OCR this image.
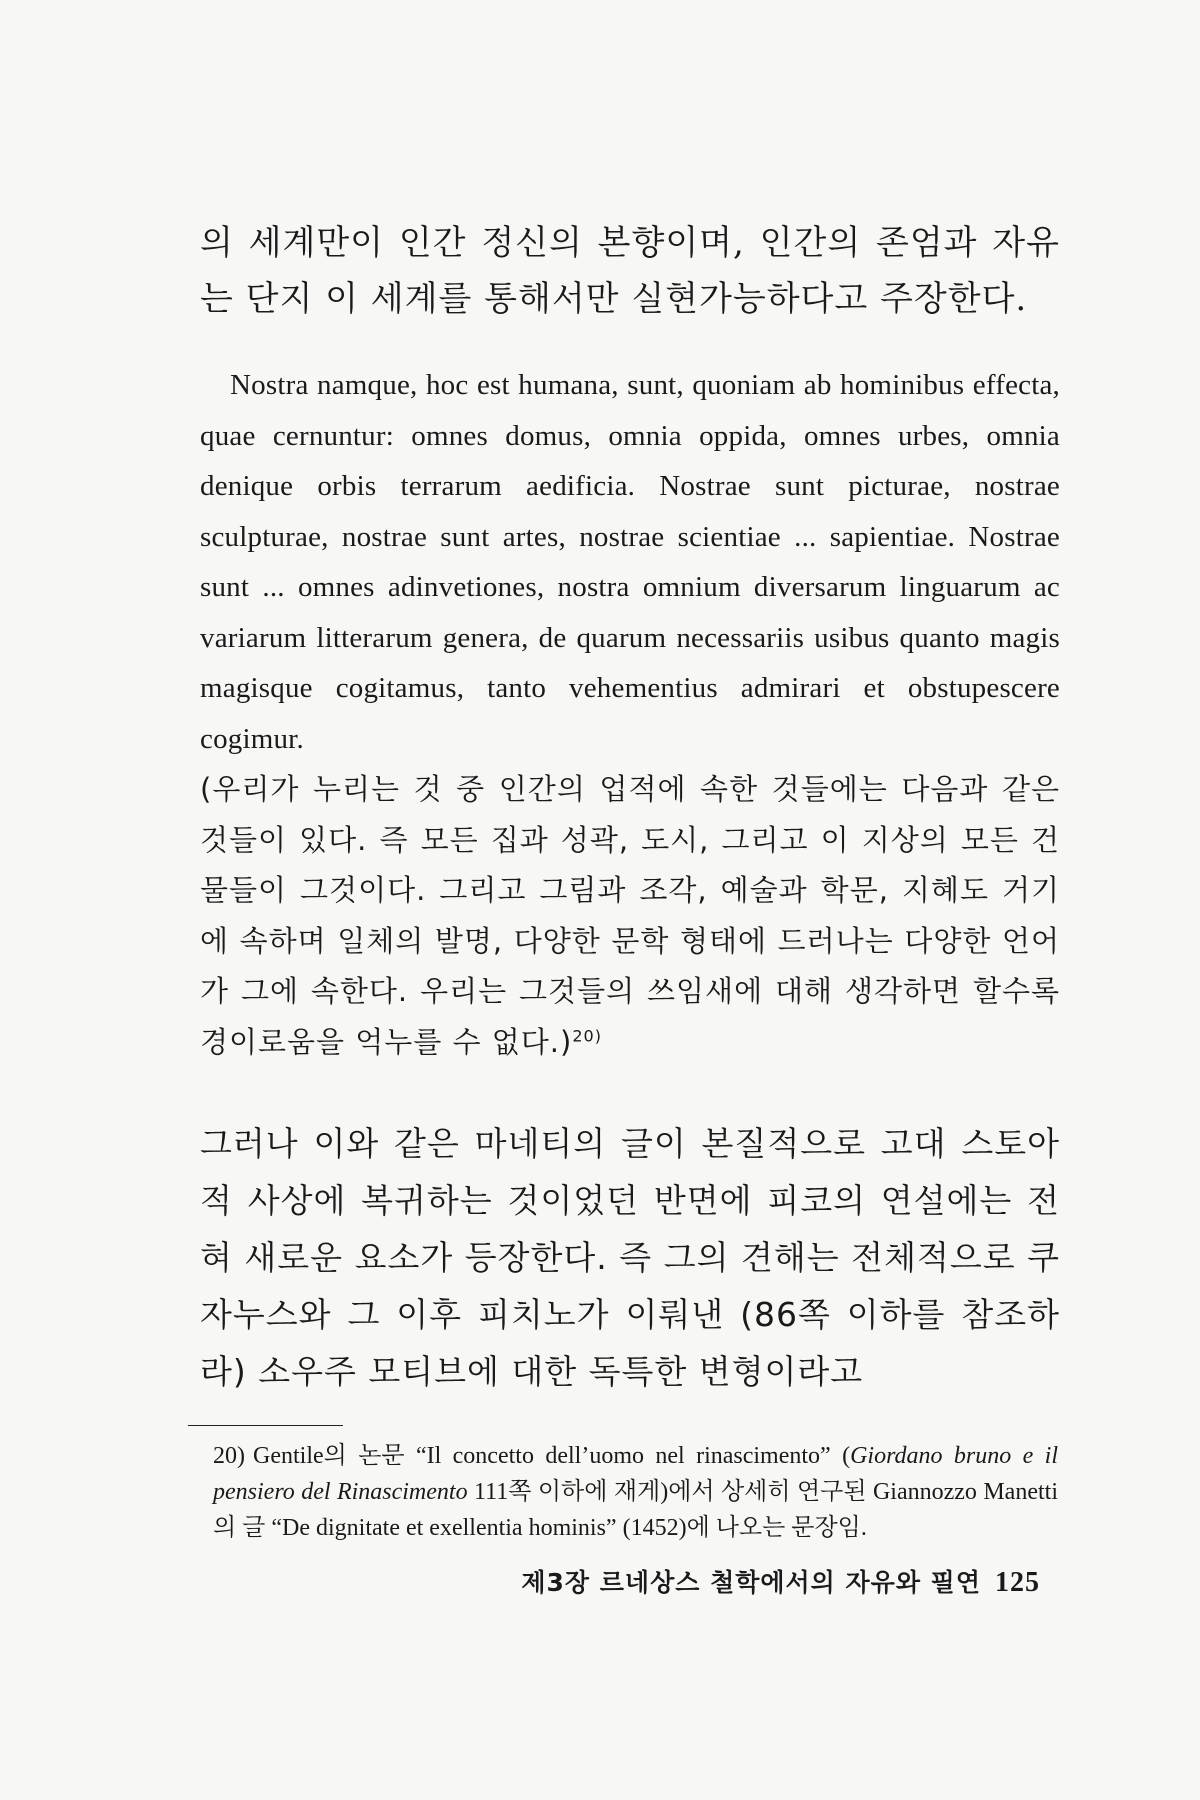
의 세계만이 인간 정신의 본향이며, 인간의 존엄과 자유는 단지 이 세계를 통해서만 실현가능하다고 주장한다.

Nostra namque, hoc est humana, sunt, quoniam ab hominibus effecta, quae cernuntur: omnes domus, omnia oppida, omnes urbes, omnia denique orbis terrarum aedificia. Nostrae sunt picturae, nostrae sculpturae, nostrae sunt artes, nostrae scientiae ... sapientiae. Nostrae sunt ... omnes adinvetiones, nostra omnium diversarum linguarum ac variarum litterarum genera, de quarum necessariis usibus quanto magis magisque cogitamus, tanto vehementius admirari et obstupescere cogimur.

(우리가 누리는 것 중 인간의 업적에 속한 것들에는 다음과 같은 것들이 있다. 즉 모든 집과 성곽, 도시, 그리고 이 지상의 모든 건물들이 그것이다. 그리고 그림과 조각, 예술과 학문, 지혜도 거기에 속하며 일체의 발명, 다양한 문학 형태에 드러나는 다양한 언어가 그에 속한다. 우리는 그것들의 쓰임새에 대해 생각하면 할수록 경이로움을 억누를 수 없다.)$^{20)}$

그러나 이와 같은 마네티의 글이 본질적으로 고대 스토아적 사상에 복귀하는 것이었던 반면에 피코의 연설에는 전혀 새로운 요소가 등장한다. 즉 그의 견해는 전체적으로 쿠자누스와 그 이후 피치노가 이뤄낸 (86쪽 이하를 참조하라) 소우주 모티브에 대한 독특한 변형이라고
20) Gentile의 논문 “Il concetto dell’uomo nel rinascimento” (Giordano bruno e il pensiero del Rinascimento 111쪽 이하에 재게)에서 상세히 연구된 Giannozzo Manetti의 글 “De dignitate et exellentia hominis” (1452)에 나오는 문장임.
제3장 르네상스 철학에서의 자유와 필연 125
